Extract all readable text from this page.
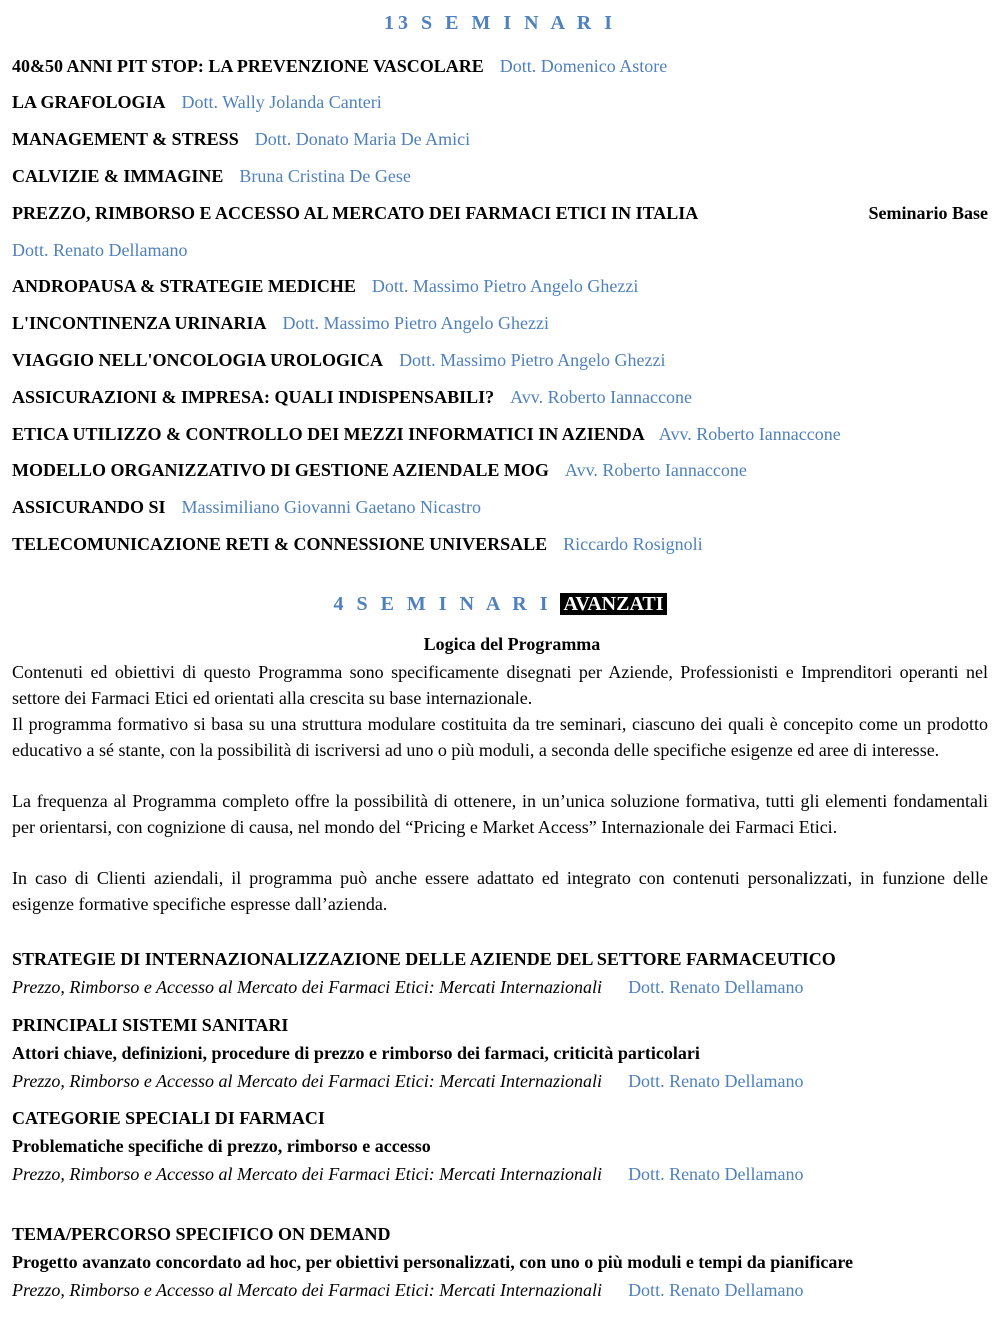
13 S E M I N A R I
40&50 ANNI PIT STOP: LA PREVENZIONE VASCOLARE Dott. Domenico Astore
LA GRAFOLOGIA Dott. Wally Jolanda Canteri
MANAGEMENT & STRESS Dott. Donato Maria De Amici
CALVIZIE & IMMAGINE Bruna Cristina De Gese
PREZZO, RIMBORSO E ACCESSO AL MERCATO DEI FARMACI ETICI IN ITALIA	Seminario Base
Dott. Renato Dellamano
ANDROPAUSA & STRATEGIE MEDICHE Dott. Massimo Pietro Angelo Ghezzi
L'INCONTINENZA URINARIA Dott. Massimo Pietro Angelo Ghezzi
VIAGGIO NELL'ONCOLOGIA UROLOGICA Dott. Massimo Pietro Angelo Ghezzi
ASSICURAZIONI & IMPRESA: QUALI INDISPENSABILI? Avv. Roberto Iannaccone
ETICA UTILIZZO & CONTROLLO DEI MEZZI INFORMATICI IN AZIENDA Avv. Roberto Iannaccone
MODELLO ORGANIZZATIVO DI GESTIONE AZIENDALE MOG Avv. Roberto Iannaccone
ASSICURANDO SI Massimiliano Giovanni Gaetano Nicastro
TELECOMUNICAZIONE RETI & CONNESSIONE UNIVERSALE Riccardo Rosignoli
4 S E M I N A R I AVANZATI
Logica del Programma
Contenuti ed obiettivi di questo Programma sono specificamente disegnati per Aziende, Professionisti e Imprenditori operanti nel settore dei Farmaci Etici ed orientati alla crescita su base internazionale.
Il programma formativo si basa su una struttura modulare costituita da tre seminari, ciascuno dei quali è concepito come un prodotto educativo a sé stante, con la possibilità di iscriversi ad uno o più moduli, a seconda delle specifiche esigenze ed aree di interesse.
La frequenza al Programma completo offre la possibilità di ottenere, in un’unica soluzione formativa, tutti gli elementi fondamentali per orientarsi, con cognizione di causa, nel mondo del “Pricing e Market Access” Internazionale dei Farmaci Etici.
In caso di Clienti aziendali, il programma può anche essere adattato ed integrato con contenuti personalizzati, in funzione delle esigenze formative specifiche espresse dall’azienda.
STRATEGIE DI INTERNAZIONALIZZAZIONE DELLE AZIENDE DEL SETTORE FARMACEUTICO
Prezzo, Rimborso e Accesso al Mercato dei Farmaci Etici: Mercati Internazionali Dott. Renato Dellamano
PRINCIPALI SISTEMI SANITARI
Attori chiave, definizioni, procedure di prezzo e rimborso dei farmaci, criticità particolari
Prezzo, Rimborso e Accesso al Mercato dei Farmaci Etici: Mercati Internazionali Dott. Renato Dellamano
CATEGORIE SPECIALI DI FARMACI
Problematiche specifiche di prezzo, rimborso e accesso
Prezzo, Rimborso e Accesso al Mercato dei Farmaci Etici: Mercati Internazionali Dott. Renato Dellamano
TEMA/PERCORSO SPECIFICO ON DEMAND
Progetto avanzato concordato ad hoc, per obiettivi personalizzati, con uno o più moduli e tempi da pianificare
Prezzo, Rimborso e Accesso al Mercato dei Farmaci Etici: Mercati Internazionali Dott. Renato Dellamano
